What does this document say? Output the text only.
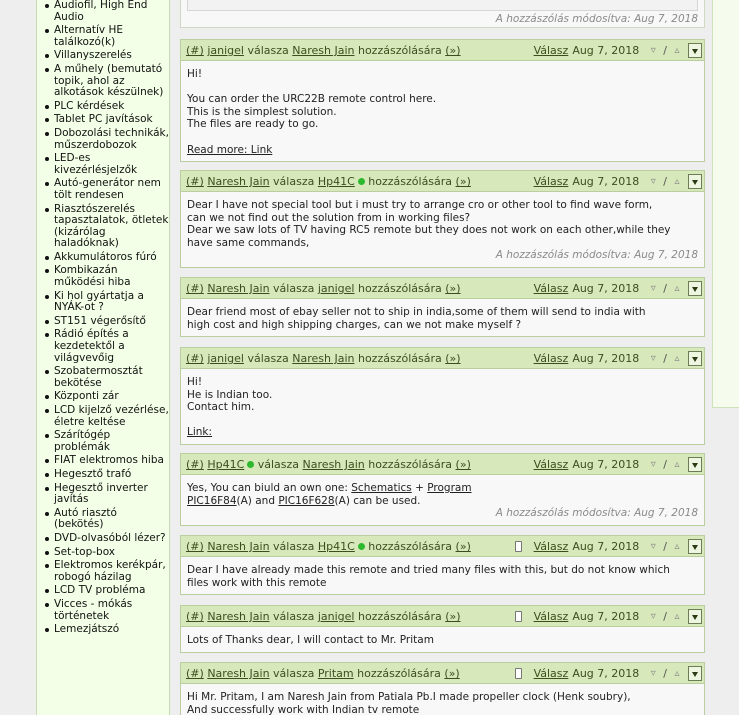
Audiofil, High End Audio
Alternatív HE találkozó(k)
Villanyszerelés
A műhely (bemutató topik, ahol az alkotások készülnek)
PLC kérdések
Tablet PC javítások
Dobozolási technikák, műszerdobozok
LED-es kivezérlésjelzők
Autó-generátor nem tölt rendesen
Riasztószerelés tapasztalatok, ötletek (kizárólag haladóknak)
Akkumulátoros fúró
Kombikazán működési hiba
Ki hol gyártatja a NYÁK-ot ?
ST151 végerősítő
Rádió építés a kezdetektől a világvevőig
Szobatermosztát bekötése
Központi zár
LCD kijelző vezérlése, életre keltése
Szárítógép problémák
FIAT elektromos hiba
Hegesztő trafó
Hegesztő inverter javítás
Autó riasztó (bekötés)
DVD-olvasóból lézer?
Set-top-box
Elektromos kerékpár, robogó házilag
LCD TV probléma
Vicces - mókás történetek
Lemezjátszó
A hozzászólás módosítva: Aug 7, 2018
(#) janigel válasza Naresh Jain hozzászólására (»)	Válasz Aug 7, 2018 ▿ / ▵

Hi!

You can order the URC22B remote control here.

This is the simplest solution.

The files are ready to go.

Read more: Link

(#) Naresh Jain válasza Hp41C hozzászólására (»)	Válasz Aug 7, 2018 ▿ / ▵

Dear I have not special tool but i must try to arrange cro or other tool to find wave form,

can we not find out the solution from in working files?

Dear we saw lots of TV having RC5 remote but they does not work on each other,while they

have same commands,

A hozzászólás módosítva: Aug 7, 2018
(#) Naresh Jain válasza janigel hozzászólására (»)	Válasz Aug 7, 2018 ▿ / ▵

Dear friend most of ebay seller not to ship in india,some of them will send to india with

high cost and high shipping charges, can we not make myself ?

(#) janigel válasza Naresh Jain hozzászólására (»)	Válasz Aug 7, 2018 ▿ / ▵

Hi!

He is Indian too.

Contact him.

Link:

(#) Hp41C válasza Naresh Jain hozzászólására (»)	Válasz Aug 7, 2018 ▿ / ▵

Yes, You can biuld an own one: Schematics + Program

PIC16F84(A) and PIC16F628(A) can be used.

A hozzászólás módosítva: Aug 7, 2018
(#) Naresh Jain válasza Hp41C hozzászólására (»)	Válasz Aug 7, 2018 ▿ / ▵

Dear I have already made this remote and tried many files with this, but do not know which

files work with this remote

(#) Naresh Jain válasza janigel hozzászólására (»)	Válasz Aug 7, 2018 ▿ / ▵

Lots of Thanks dear, I will contact to Mr. Pritam

(#) Naresh Jain válasza Pritam hozzászólására (»)	Válasz Aug 7, 2018 ▿ / ▵

Hi Mr. Pritam, I am Naresh Jain from Patiala Pb.I made propeller clock (Henk soubry),

And successfully work with Indian tv remote
